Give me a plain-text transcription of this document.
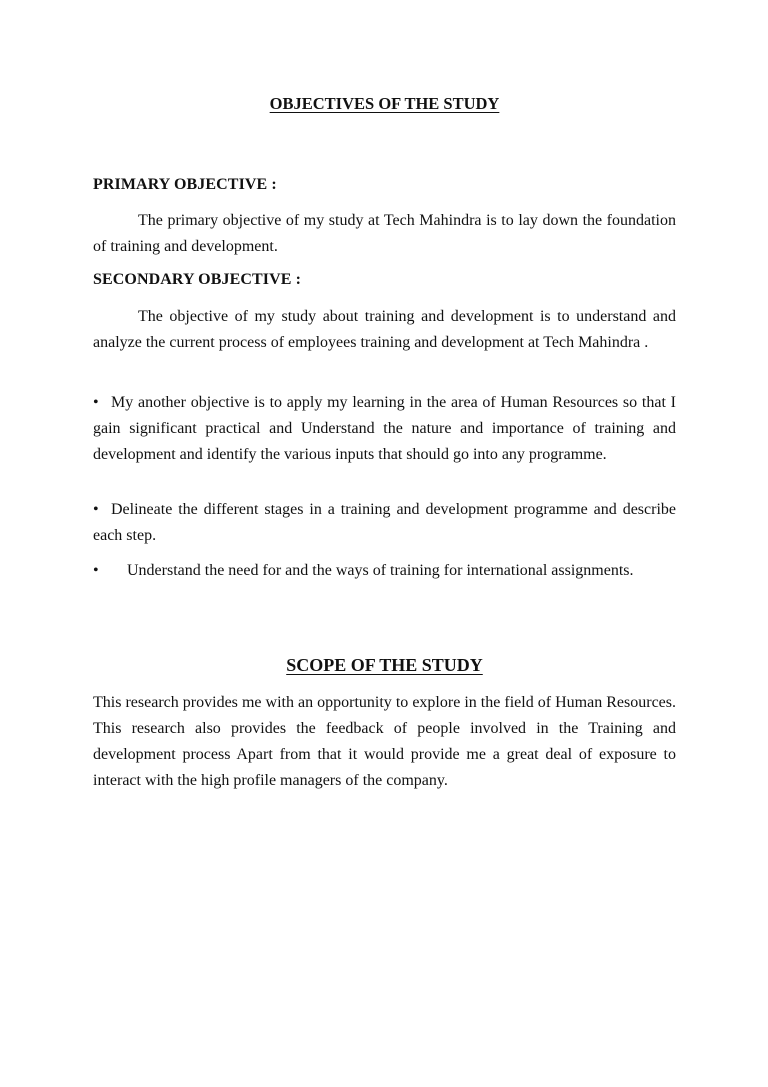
OBJECTIVES OF THE STUDY

PRIMARY OBJECTIVE :

The primary objective of my study at Tech Mahindra is to lay down the foundation of training and development.

SECONDARY OBJECTIVE :

The objective of my study about training and development is to understand and analyze the current process of employees training and development at Tech Mahindra .

• My another objective is to apply my learning in the area of Human Resources so that I gain significant practical and Understand the nature and importance of training and development and identify the various inputs that should go into any programme.

• Delineate the different stages in a training and development programme and describe each step.

• Understand the need for and the ways of training for international assignments.

SCOPE OF THE STUDY

This research provides me with an opportunity to explore in the field of Human Resources. This research also provides the feedback of people involved in the Training and development process Apart from that it would provide me a great deal of exposure to interact with the high profile managers of the company.
